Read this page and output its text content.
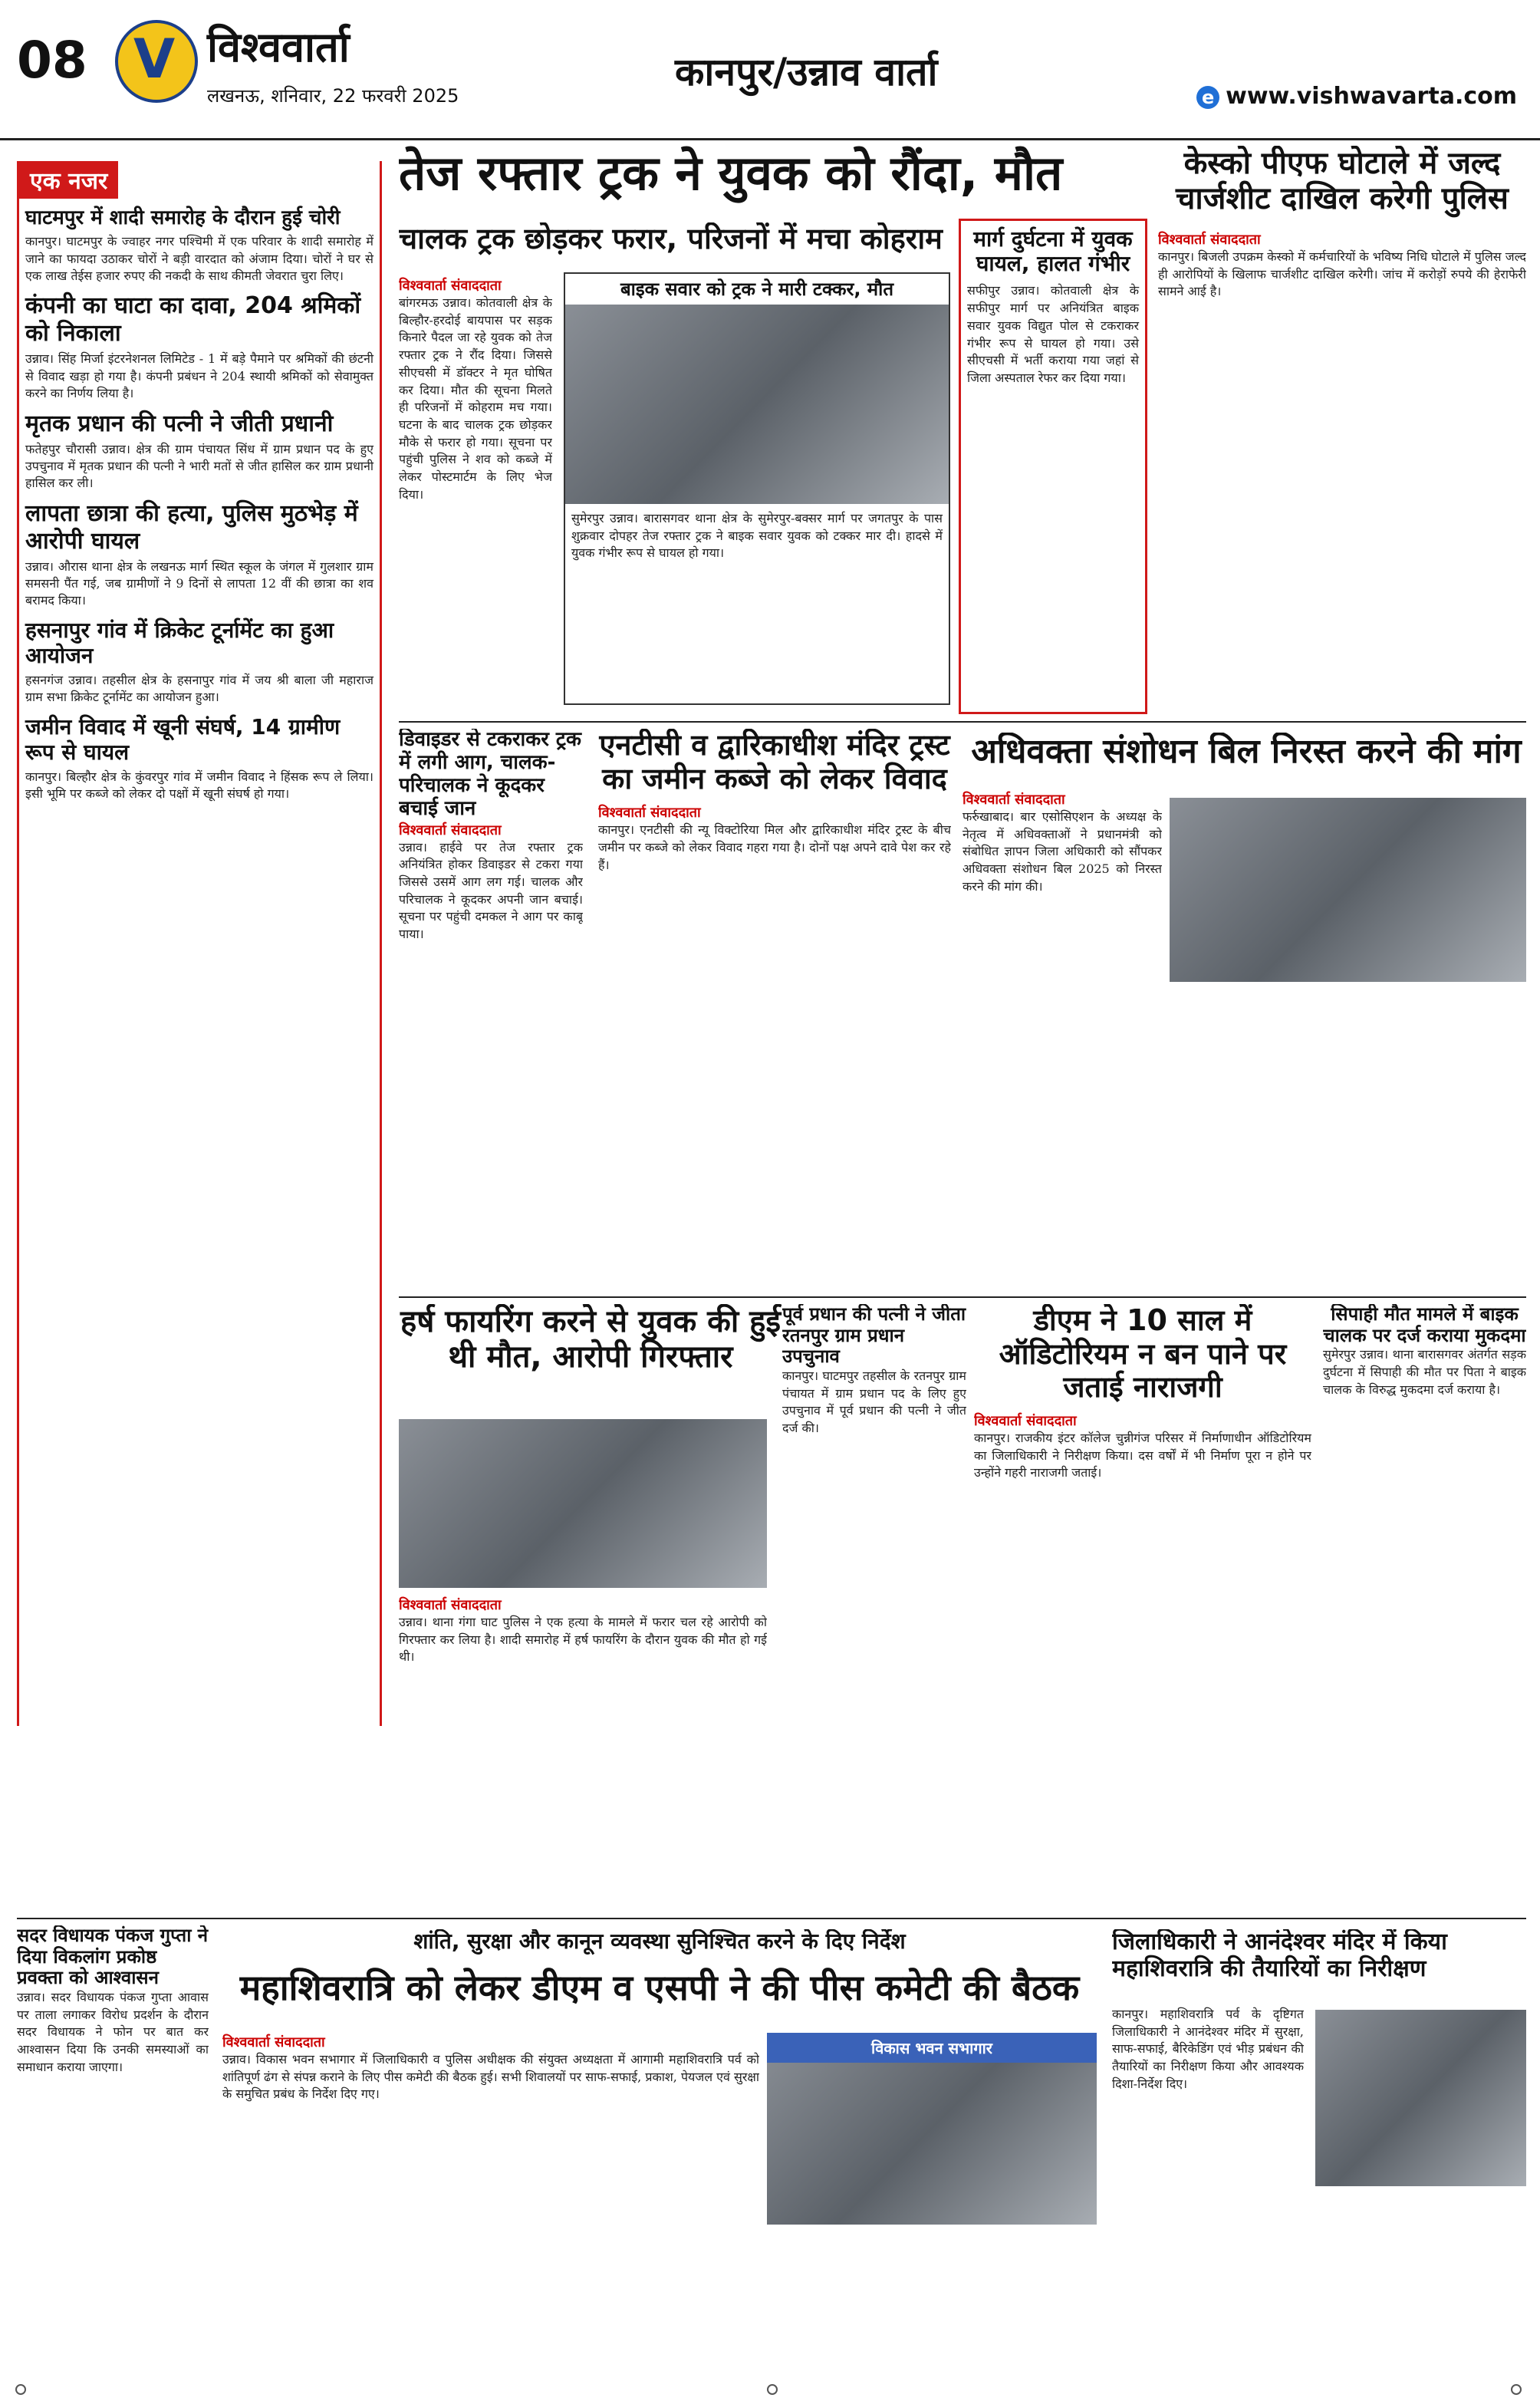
08 V विश्ववार्ता
लखनऊ, शनिवार, 22 फरवरी 2025
कानपुर/उन्नाव वार्ता
e www.vishwavarta.com
एक नजर
घाटमपुर में शादी समारोह के दौरान हुई चोरी
कानपुर। घाटमपुर के ज्वाहर नगर पश्चिमी में एक परिवार के शादी समारोह में जाने का फायदा उठाकर चोरों ने बड़ी वारदात को अंजाम दिया। चोरों ने घर से एक लाख तेईस हजार रुपए की नकदी के साथ कीमती जेवरात चुरा लिए।
कंपनी का घाटा का दावा, 204 श्रमिकों को निकाला
उन्नाव। सिंह मिर्जा इंटरनेशनल लिमिटेड - 1 में बड़े पैमाने पर श्रमिकों की छंटनी से विवाद खड़ा हो गया है। कंपनी प्रबंधन ने 204 स्थायी श्रमिकों को सेवामुक्त करने का निर्णय लिया है।
मृतक प्रधान की पत्नी ने जीती प्रधानी
फतेहपुर चौरासी उन्नाव। क्षेत्र की ग्राम पंचायत सिंध में ग्राम प्रधान पद के हुए उपचुनाव में मृतक प्रधान की पत्नी ने भारी मतों से जीत हासिल कर ग्राम प्रधानी हासिल कर ली।
लापता छात्रा की हत्या, पुलिस मुठभेड़ में आरोपी घायल
उन्नाव। औरास थाना क्षेत्र के लखनऊ मार्ग स्थित स्कूल के जंगल में गुलशार ग्राम समसनी पैंत गई, जब ग्रामीणों ने 9 दिनों से लापता 12 वीं की छात्रा का शव बरामद किया।
हसनापुर गांव में क्रिकेट टूर्नामेंट का हुआ आयोजन
हसनगंज उन्नाव। तहसील क्षेत्र के हसनापुर गांव में जय श्री बाला जी महाराज ग्राम सभा क्रिकेट टूर्नामेंट का आयोजन हुआ।
जमीन विवाद में खूनी संघर्ष, 14 ग्रामीण रूप से घायल
कानपुर। बिल्हौर क्षेत्र के कुंवरपुर गांव में जमीन विवाद ने हिंसक रूप ले लिया। इसी भूमि पर कब्जे को लेकर दो पक्षों में खूनी संघर्ष हो गया।
तेज रफ्तार ट्रक ने युवक को रौंदा, मौत
चालक ट्रक छोड़कर फरार, परिजनों में मचा कोहराम
विश्ववार्ता संवाददाता
बांगरमऊ उन्नाव। कोतवाली क्षेत्र के बिल्हौर-हरदोई बायपास पर सड़क किनारे पैदल जा रहे युवक को तेज रफ्तार ट्रक ने रौंद दिया। जिससे सीएचसी में डॉक्टर ने मृत घोषित कर दिया। मौत की सूचना मिलते ही परिजनों में कोहराम मच गया। घटना के बाद चालक ट्रक छोड़कर मौके से फरार हो गया। सूचना पर पहुंची पुलिस ने शव को कब्जे में लेकर पोस्टमार्टम के लिए भेज दिया।
बाइक सवार को ट्रक ने मारी टक्कर, मौत
सुमेरपुर उन्नाव। बारासगवर थाना क्षेत्र के सुमेरपुर-बक्सर मार्ग पर जगतपुर के पास शुक्रवार दोपहर तेज रफ्तार ट्रक ने बाइक सवार युवक को टक्कर मार दी। हादसे में युवक गंभीर रूप से घायल हो गया।
मार्ग दुर्घटना में युवक घायल, हालत गंभीर
सफीपुर उन्नाव। कोतवाली क्षेत्र के सफीपुर मार्ग पर अनियंत्रित बाइक सवार युवक विद्युत पोल से टकराकर गंभीर रूप से घायल हो गया। उसे सीएचसी में भर्ती कराया गया जहां से जिला अस्पताल रेफर कर दिया गया।
केस्को पीएफ घोटाले में जल्द चार्जशीट दाखिल करेगी पुलिस
विश्ववार्ता संवाददाता
कानपुर। बिजली उपक्रम केस्को में कर्मचारियों के भविष्य निधि घोटाले में पुलिस जल्द ही आरोपियों के खिलाफ चार्जशीट दाखिल करेगी। जांच में करोड़ों रुपये की हेराफेरी सामने आई है।
डिवाइडर से टकराकर ट्रक में लगी आग, चालक-परिचालक ने कूदकर बचाई जान
विश्ववार्ता संवाददाता
उन्नाव। हाईवे पर तेज रफ्तार ट्रक अनियंत्रित होकर डिवाइडर से टकरा गया जिससे उसमें आग लग गई। चालक और परिचालक ने कूदकर अपनी जान बचाई। सूचना पर पहुंची दमकल ने आग पर काबू पाया।
एनटीसी व द्वारिकाधीश मंदिर ट्रस्ट का जमीन कब्जे को लेकर विवाद
विश्ववार्ता संवाददाता
कानपुर। एनटीसी की न्यू विक्टोरिया मिल और द्वारिकाधीश मंदिर ट्रस्ट के बीच जमीन पर कब्जे को लेकर विवाद गहरा गया है। दोनों पक्ष अपने दावे पेश कर रहे हैं।
अधिवक्ता संशोधन बिल निरस्त करने की मांग
विश्ववार्ता संवाददाता
फर्रुखाबाद। बार एसोसिएशन के अध्यक्ष के नेतृत्व में अधिवक्ताओं ने प्रधानमंत्री को संबोधित ज्ञापन जिला अधिकारी को सौंपकर अधिवक्ता संशोधन बिल 2025 को निरस्त करने की मांग की।
हर्ष फायरिंग करने से युवक की हुई थी मौत, आरोपी गिरफ्तार
विश्ववार्ता संवाददाता
उन्नाव। थाना गंगा घाट पुलिस ने एक हत्या के मामले में फरार चल रहे आरोपी को गिरफ्तार कर लिया है। शादी समारोह में हर्ष फायरिंग के दौरान युवक की मौत हो गई थी।
पूर्व प्रधान की पत्नी ने जीता रतनपुर ग्राम प्रधान उपचुनाव
कानपुर। घाटमपुर तहसील के रतनपुर ग्राम पंचायत में ग्राम प्रधान पद के लिए हुए उपचुनाव में पूर्व प्रधान की पत्नी ने जीत दर्ज की।
डीएम ने 10 साल में ऑडिटोरियम न बन पाने पर जताई नाराजगी
विश्ववार्ता संवाददाता
कानपुर। राजकीय इंटर कॉलेज चुन्नीगंज परिसर में निर्माणाधीन ऑडिटोरियम का जिलाधिकारी ने निरीक्षण किया। दस वर्षों में भी निर्माण पूरा न होने पर उन्होंने गहरी नाराजगी जताई।
सिपाही मौत मामले में बाइक चालक पर दर्ज कराया मुकदमा
सुमेरपुर उन्नाव। थाना बारासगवर अंतर्गत सड़क दुर्घटना में सिपाही की मौत पर पिता ने बाइक चालक के विरुद्ध मुकदमा दर्ज कराया है।
सदर विधायक पंकज गुप्ता ने दिया विकलांग प्रकोष्ठ प्रवक्ता को आश्वासन
उन्नाव। सदर विधायक पंकज गुप्ता आवास पर ताला लगाकर विरोध प्रदर्शन के दौरान सदर विधायक ने फोन पर बात कर आश्वासन दिया कि उनकी समस्याओं का समाधान कराया जाएगा।
शांति, सुरक्षा और कानून व्यवस्था सुनिश्चित करने के दिए निर्देश
महाशिवरात्रि को लेकर डीएम व एसपी ने की पीस कमेटी की बैठक
विश्ववार्ता संवाददाता
उन्नाव। विकास भवन सभागार में जिलाधिकारी व पुलिस अधीक्षक की संयुक्त अध्यक्षता में आगामी महाशिवरात्रि पर्व को शांतिपूर्ण ढंग से संपन्न कराने के लिए पीस कमेटी की बैठक हुई। सभी शिवालयों पर साफ-सफाई, प्रकाश, पेयजल एवं सुरक्षा के समुचित प्रबंध के निर्देश दिए गए।
विकास भवन सभागार
जिलाधिकारी ने आनंदेश्वर मंदिर में किया महाशिवरात्रि की तैयारियों का निरीक्षण
कानपुर। महाशिवरात्रि पर्व के दृष्टिगत जिलाधिकारी ने आनंदेश्वर मंदिर में सुरक्षा, साफ-सफाई, बैरिकेडिंग एवं भीड़ प्रबंधन की तैयारियों का निरीक्षण किया और आवश्यक दिशा-निर्देश दिए।
